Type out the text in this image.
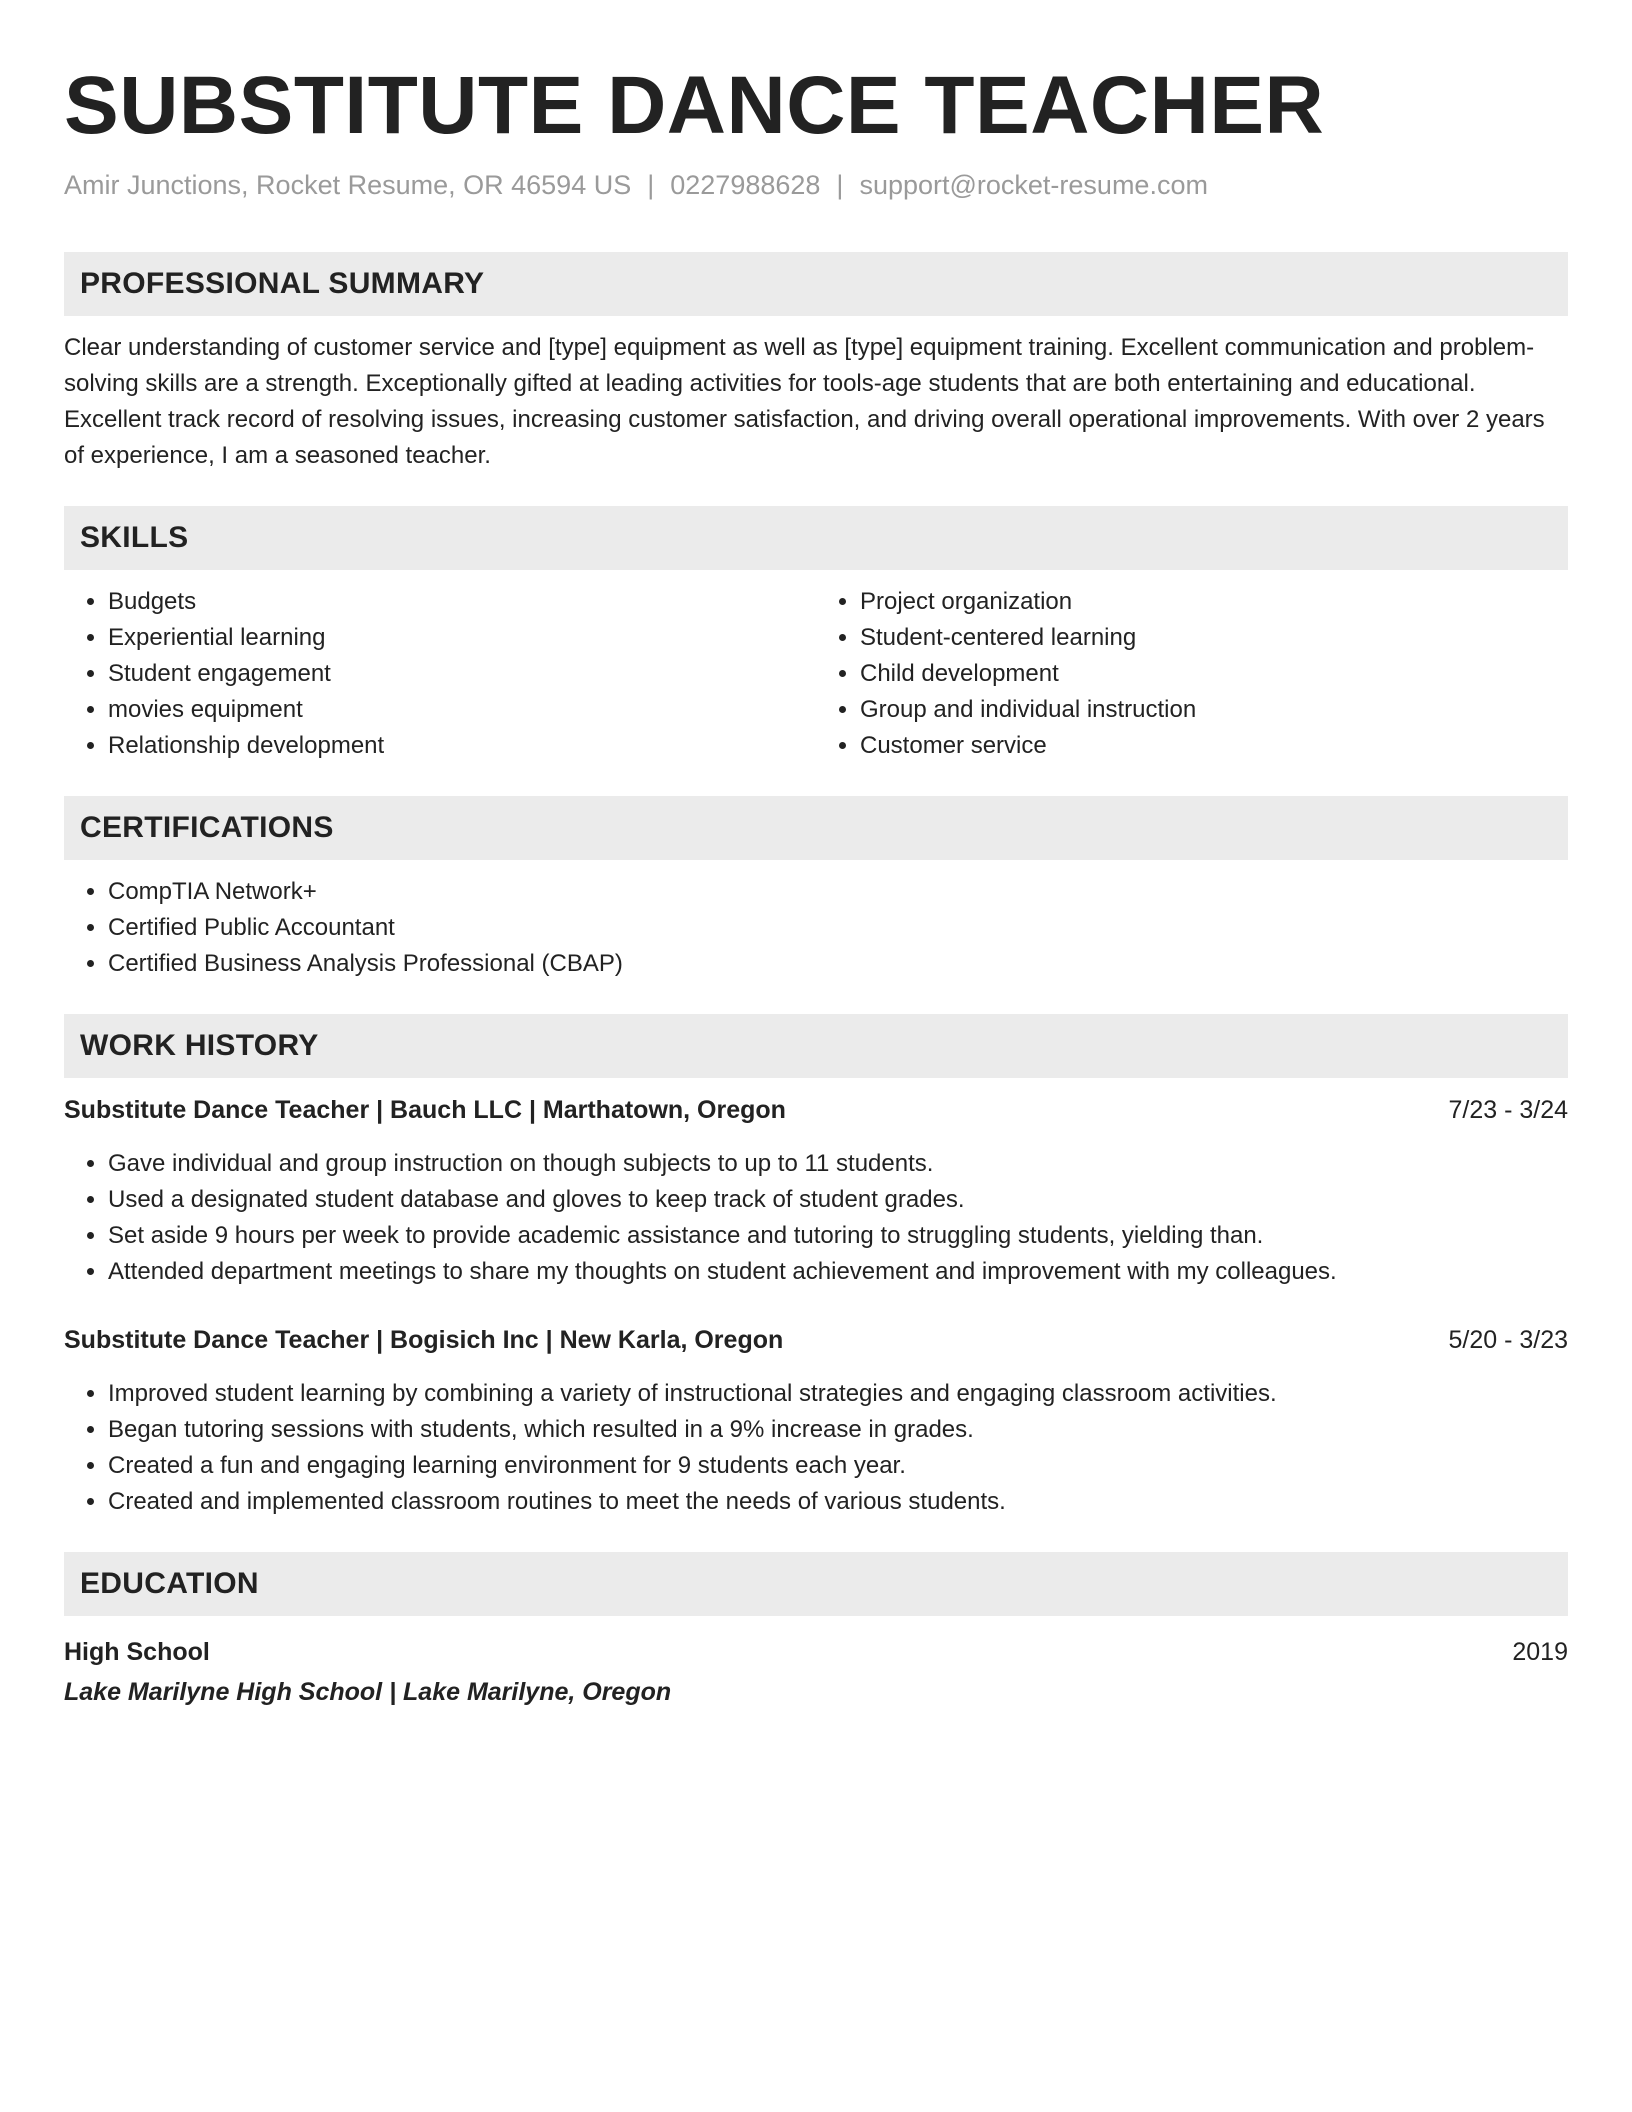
SUBSTITUTE DANCE TEACHER
Amir Junctions, Rocket Resume, OR 46594 US | 0227988628 | support@rocket-resume.com
PROFESSIONAL SUMMARY

Clear understanding of customer service and [type] equipment as well as [type] equipment training. Excellent communication and problem-solving skills are a strength. Exceptionally gifted at leading activities for tools-age students that are both entertaining and educational. Excellent track record of resolving issues, increasing customer satisfaction, and driving overall operational improvements. With over 2 years of experience, I am a seasoned teacher.

SKILLS
• Budgets
• Experiential learning
• Student engagement
• movies equipment
• Relationship development
• Project organization
• Student-centered learning
• Child development
• Group and individual instruction
• Customer service
CERTIFICATIONS
• CompTIA Network+
• Certified Public Accountant
• Certified Business Analysis Professional (CBAP)
WORK HISTORY
Substitute Dance Teacher | Bauch LLC | Marthatown, Oregon	7/23 - 3/24
• Gave individual and group instruction on though subjects to up to 11 students.
• Used a designated student database and gloves to keep track of student grades.
• Set aside 9 hours per week to provide academic assistance and tutoring to struggling students, yielding than.
• Attended department meetings to share my thoughts on student achievement and improvement with my colleagues.
Substitute Dance Teacher | Bogisich Inc | New Karla, Oregon	5/20 - 3/23
• Improved student learning by combining a variety of instructional strategies and engaging classroom activities.
• Began tutoring sessions with students, which resulted in a 9% increase in grades.
• Created a fun and engaging learning environment for 9 students each year.
• Created and implemented classroom routines to meet the needs of various students.
EDUCATION
High School	2019
Lake Marilyne High School | Lake Marilyne, Oregon
